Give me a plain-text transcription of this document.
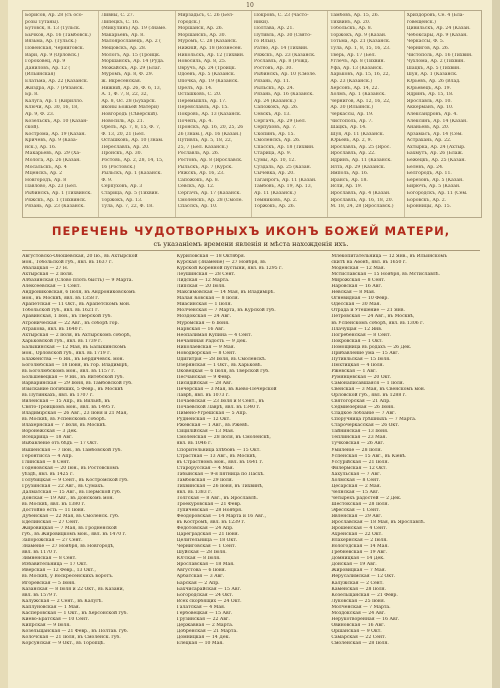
10
Борисов, Ар. 28 (съ осо-
розы Тутаны).
Бутовск, 8. 13 (Тульск.
Бычков, Ар. 16 (Тамбовск.)
Вязьма, Ар. (Тульск.)
Повенская, Черниговск.
Вари, Ар. 9 (Орловск.)
Гороховец, Ар. 9
Даниловъ, Ар. 12 (
(Ильинская)
Елатьма, Ар. 22 (Казанск.
Жиздра, Ар. 7 (Рязанск.
Бр. 8.
Калуга, Ар. 1 (Кирилло.
Ключи, Ар. 30, 16, 18,
Ар. 9, Ф. 23.
Козельскъ, Ар. 10 (Казан-
ской).
Кострома, Ар. 19 (Казан.
Кричевъ, Ар. 9 (Каза-
нск.), Ар. 16.
Макарьевъ, Ар. 29 (Ха-
Молога, Ар. 26 (Казан.
Мосальскъ, Ар. 4
Мценскъ, Ар. 2
Новгородъ, Ар. 8
Павлово, Ар. 23 (Бел.
Рыбинскъ, Ар. 1 (Тихвинск.
Ряжскъ, Ар. 1 (Тихвинск.
Рязань, Ар. 23 (Казанск.
Ливны, С. 27.
Липецкъ, С. 16.
(Микулинъ) Ар. 19 (Знаме.
Макарьевъ, Ар. 8.
Малоярославецъ, Ар. 2 (
Мещовскъ, Ар. 28.
Мологъ, Ар. 15 (Троицк.
Моршанскъ, Ар. 14 (Руда.
Можайскъ, Ар. 29 (Благ.
Муромъ, Ар. 8, Ф. 29.
ж. Вкресенская.
Нижній, Ар. 26, Ф. 6, 13,
А. 1, Ф. 7, 8, 22, 32,
Ар. 8, Ос. 28 (Бухарск.
иконы Божьей Матери)
Новгородъ (Сѣверскій).
Новосиль, Ар. 21.
Орелъ, Ар. 7, 8, 15, Ф. 7,
Ф. 13, 20, 21 (Бел.
Осташковъ, Ар. 10 (Знам.
Переславль, Ар. 20.
Пронскъ, Ар. 30.
Ростовъ, Ар. 2, 28, 14, 15,
16 (Ростовск.)
Рыльскъ, Ар. 1 (Казанск.
Ф. 9.
Серпуховъ, Ар. 3
Старица, Ар. 5 (Тихвин.
Торжокъ, Ар. 13.
Тула, Ар. 7, 22, Ф. 18.
Мирзадьсъ, С. 26 (Бел-
городск.)
Моршанск, Ар. 26.
Моршанскъ, Ар. 30.
Муромъ, С. 28 (Казанск.
Нижній, Ар. 18 (Вознесен.
Никольскъ, Ар. 12 (Тихвин.
Новосиль, Ар. 8, 25.
Овручъ, Ар. 24 (Троицк.
Одоевъ, Ар. 5 (Казанск.
Опочка, Ар. 19 (Казанск.
Орелъ, Ар. 14.
Осташковъ, С. 20.
Перемышль, Ар. 17.
Переяславль, Ар. 15.
Покровъ, Ар. 13 (Казанск.
Почепъ, Ар. 4.
Пронскъ, Ар. 16, 20, 25, 26
26 (Знам.), Ар. 16 (Казан.)
Путивль, Ар. 5, 18, 22,
25, 7 (Бел. Казанск.)
Рославль, Ар. 26.
Ростовъ, Ар. 8 (Ярославск.
Рыльскъ, Ар. 7 (Курск.
Ряжскъ, Ар. 16, 23.
Сапожокъ, Ар. 8.
Севскъ, Ар. 12.
Сергачъ, Ар. 17 (Казанск.
Смоленскъ, Ар. 28 (Смоле.
Спасскъ, Ар. 10.
Покровъ, С. 23 (часто-
ники).
Полтава, Ар. 21.
Путивль, Ар. 30 (Свято-
го Ильи).
Ратно, Ар. 14 (Тихвин.
Ряжскъ, Ар. 23 (Казанск.
Рославль, Ар. 8 (Рожд.
Ростовъ, Ар. 30.
Рыбинскъ, Ар. 10 (Смоле.
Рязань, Ар. 11.
Рыльскъ, Ар. 24.
Рязань, Ар. 16 (Казанск.
Ар. 24 (Казанск.)
Сапожокъ, Ар. 26.
Севскъ, Ар. 13.
Сергачъ, Ар. 29 (Бел.
Серпуховъ, Ар. 7.
Скопинъ, Ар. 15.
Смоленскъ, Ар. 26.
Спасскъ, Ар. 18 (Тихвин.
Старица, Ар. 9.
Сумы, Ар. 10, 12.
Суздаль, Ар. 25 (Казан.
Сычевка, Ар. 20.
Таганрогъ, Ар. 11 (Казан.
Тамбовъ, Ар. 19, Ар. 13,
Ар. 11 (Казанск.)
Темниковъ, Ар. 2.
Торжокъ, Ар. 26.
Тамбовъ, Ар. 15, 26.
Тихвинъ, Ар. 20.
Тобольскъ, Ар. 8.
Торжокъ, Ар. 9 (Казан.
Тотьма, Ар. 21 (Казанск.
Тула, Ар. 1, 8, 15, 16, 23.
Тверь, Ар. 17 (Бел.
Углечъ, Ар. 8 (Тихвин.
Уфа, Ар. 13 (Казанск.
Харьковъ, Ар. 15, 16, 22,
Ар. 23 (Казанск.)
Херсонъ, Ар. 14, 22.
Холмъ, Ар. 1 (Казанск.
Чернигов, Ар. 12, 16, 22,
Ар. 30 (Ильинск.)
Черкассы, Ар. 19.
Чистополь, Ар. 7.
Шацкъ, Ар. 14.
Шуя, Ар. 11 (Казанск.
Юрьевъ, Ар. 2, 9.
Ярославль, Ар. 25 (Ярос.
Ярославль, Ар. 22.
Ядринъ, Ар. 11 (Казанск.
Ялта, Ар. 29 (Казанск.
Ямполь, Ар. 16.
Ярансъ, Ар. 18.
Ясли, Ар. 19.
Ярославль, Ар. 4 (Казан.
Ярославль, Ар. 16, 18, 20.
М. 18, 24, 28 (Ярославск.)
Хриздоровъ, Се. 4 (Бла-
говещенск.)
Цивильскъ, Ар. 24 (Казан.
Чебоксары, Ар. 9 (Казан.
Черкассы, Ф. 5.
Чернигов, Ар. 26.
Чистополь, Ар. 16 (Тихвин.
Чухлома, Ар. 2 (Тихвин.
Шацкъ, Ар. 5 (Тихвин.
Шуя, Ар. 1 (Казанск.
Юрьевъ, Ар. 26 (Влад.
Юрьевецъ, Ар. 19.
Ядринъ, Ар. 15, 18.
Ярославль, Ар. 10.
Аккерманъ, Ар. 10.
Александровъ, Ар. 4.
Алексинъ, Ар. 14 (Казан.
Ананьевъ, Ар. 20.
Арзамасъ, Ар. 14 (Сем.
Астрахань, Ар. 22.
Ахтырка, Ар. 24 (Ахтыр.
Бахмутъ, Ар. 26 (Блаж.
Бежецкъ, Ар. 25 (Казан.
Белевъ, Ар. 24.
Белгородъ, Ар. 11.
Берёзовъ, Ар. 5 (Казан.
Бирючъ, Ар. 5 (Казан.
Богородскъ, Ар. 11 (Сем.
Боровскъ, Ар. 2.
Бронницы, Ар. 15.
ПЕРЕЧЕНЬ ЧУДОТВОРНЫХЪ ИКОНЪ БОЖЕЙ МАТЕРИ,
съ указаніемъ времени явленія и мѣста нахожденія ихъ.
Августовско-Оношевская, 20 Ію., въ Ахтырской
мон., Тобольской губ., явл. въ 1637 г.
Абалацкая — 27 Н.
Ахтырская — 2 Іюля.
Албазинская (Слово плоть бысть) — 9 Марта.
Алексеевская — 1 Сент.
Андрониковская, 6 Іюля, въ Андрониковскомъ
мон., въ Москвѣ, явл. въ 1358 г.
Арапетская — 11 Окт., въ Арапетскомъ мон.
Тобольской губ., явл. въ 1621 г.
Аравинская, 1 Іюн., въ Тверской губ.
Атроническая — 22 Авг., въ соборѣ гор.
Атракова, явл. въ 1640 г.
Ахтырская — 2 Іюля, въ Ахтырскомъ соборѣ,
Харьковской губ., явл. въ 1739 г.
Балыкинская — 12 Мая, въ Балыкинскомъ
мон., Орловской губ., явл. въ 1719 г.
Блаженства — 6 Ян., въ Бердичевск. мон.
Боголюбская — 18 Іюня, въ гор. Владимірѣ,
въ Боголюбскомъ мон., явл. въ 1157 г.
Большевецкая — 9 Ян., въ Витебской губ.
Варваринская — 29 Іюня, въ Тамбовской губ.
Взыскание погибших, 5 Февр., въ Москвѣ
въ Путинкахъ, явл. въ 1707 г.
Виленская — 15 Апр., въ Вильнѣ, въ
Свято-Троицкомъ мон., явл. въ 1495 г.
Владимірская — 26 Авг., 23 Іюня и 21 Мая,
въ Москвѣ, въ Успенскомъ соборѣ.
Влахернская — 7 Іюля, въ Москвѣ.
Воронежская — 3 Дек.
Всецарица — 18 Авг.
Выбавленіе отъ бѣдъ — 17 Окт.
Вышенская — 7 Іюн., въ Тамбовской губ.
Геронтисса — 4 Апр.
Глинская — 8 Сент.
Годеновская — 20 Іюн., въ Ростовскомъ
уѣздѣ, явл. въ 1425 г.
Голубицкая — 9 Сент., въ Костромской губ.
Грузинская — 22 Авг., въ Сумахъ.
Далматская — 15 Авг., въ Пермской губ.
Донская — 19 Авг., въ Донскомъ мон.
въ Москвѣ, явл. въ 1380 г.
Достойно есть — 11 Іюня.
Дубенская — 22 Мая, въ Смоленск. губ.
Еделинская — 27 Сент.
Жировицкая — 7 Мая, въ Гродненской
губ., въ Жировицкомъ мон., явл. въ 1470 г.
Запорожская — 27 Сент.
Знаменіе — 27 Ноября, въ Новгородѣ,
явл. въ 1170 г.
Зимненская — 8 Сент.
Избавительница — 17 Окт.
Иверская — 12 Февр., 13 Окт.,
въ Москвѣ, у Воскресенскихъ воротъ.
Игоревская — 5 Іюня.
Казанская — 8 Іюля и 22 Окт., въ Казани,
явл. въ 1579 г.
Калужская — 2 Сент., въ Калугѣ.
Каплуновская — 1 Мая.
Касперовская — 1 Окт., въ Херсонской губ.
Киево-Братская — 10 Сент.
Кипрская — 9 Іюля.
Козельщанская — 21 Февр., въ Полтав. губ.
Колочская — 21 Іюля, въ Смоленск. губ.
Корсунская — 9 Окт., въ Торопцѣ.
Куриловская — 18 Октября.
Курская (Знаменіе) — 27 Ноября, въ
Курской Коренной пустыни, явл. въ 1295 г.
Леушинская — 28 Сент.
Лидская — 12 Марта.
Липская — 20 Іюля.
Максимовская — 14 Мая, въ Владимірѣ.
Малая Ковская — 8 Іюля.
Миасинская — 1 Іюля.
Молченская — 7 Марта, въ Курской губ.
Моздокская — 24 Авг.
Муромская — 6 Іюня.
Нарвская — 16 Авг.
Неопалимая Купина — 4 Сент.
Нечаянная Радость — 9 Дек.
Николаевская — 9 Мая.
Новодворская — 8 Сент.
Одигитрія — 28 Іюля, въ Смоленскѣ.
Озерянская — 1 Окт., въ Харьковѣ.
Оковецкая — 6 Іюля, въ Тверской губ.
Песчанская — 9 Февр.
Писидійская — 28 Авг.
Печерская — 3 Мая, въ Кіево-Печерской
Лаврѣ, явл. въ 1073 г.
Почаевская — 23 Іюля и 8 Сент., въ
Почаевской Лаврѣ, явл. въ 1340 г.
Пимено-Угрешская — 5 Апр.
Рудненская — 12 Окт.
Ржевская — 1 Авг., въ Ржевѣ.
Сицилійская — 13 Мая.
Смоленская — 28 Іюля, въ Смоленскѣ,
явл. въ 1046 г.
Спорительница хлѣбовъ — 15 Окт.
Страстная — 13 Авг., въ Москвѣ,
въ Страстномъ мон., явл. въ 1641 г.
Старорусская — 4 Мая.
Табынская — 9-я пятница по Пасхѣ.
Тамбовская — 29 Іюля.
Тихвинская — 26 Іюня, въ Тихвинѣ,
явл. въ 1383 г.
Толгская — 8 Авг., въ Ярославлѣ.
Троекуровская — 21 Февр.
Тупичевская — 28 Ноября.
Феодоровская — 14 Марта и 16 Авг.,
въ Костромѣ, явл. въ 1239 г.
Федотовская — 24 Апр.
Цареградская — 21 Іюня.
Целительница — 18 Окт.
Черниговская — 1 Сент.
Шуйская — 28 Іюля.
Югская — 8 Іюля.
Ярославская — 18 Мая.
Августова — 6 Іюня.
Арбатская — 3 Авг.
Барская — 2 Апр.
Бахчисарайская — 15 Авг.
Богородская — 24 Окт.
Всех скорбящих — 24 Окт.
Галатская — 4 Мая.
Гербовецкая — 15 Авг.
Грузинская — 22 Авг.
Державная — 2 Марта.
Добренская — 21 Марта.
Домницкая — 14 Дек.
Елецкая — 10 Мая.
Млекопитательница — 12 Янв., въ Ильинскомъ
скитѣ на Аѳонѣ, явл. въ 1650 г.
Моденская — 12 Мая.
Мстиславская — 15 Ноября, въ Мстиславлѣ.
Мирожская — 8 Сент.
Наровская — 16 Авг.
Невская — 8 Мая.
Огневидная — 10 Февр.
Одесская — 30 Мая.
Отрада и Утешение — 21 Янв.
Петровская — 24 Авг., въ Москвѣ,
въ Успенскомъ соборѣ, явл. въ 1306 г.
Плачущая — 12 Янв.
Погребенская — 8 Сент.
Покровская — 1 Окт.
Помощница въ родахъ — 26 Дек.
Прибавление ума — 15 Авг.
Путивльская — 15 Іюля.
Пюхтицкая — 4 Іюля.
Ржевская — 1 Авг.
Румянцевская — 20 Окт.
Самонаписавшаяся — 1 Іюля.
Свенская — 3 Мая, въ Свенскомъ мон.
Орловской губ., явл. въ 1288 г.
Святогорская — 21 Апр.
Седмиезерная — 26 Іюня.
Сладкое лобзаніе — 7 Авг.
Споручница грѣшныхъ — 7 Марта.
Старочеркасская — 26 Окт.
Тайнинская — 13 Іюня.
Теплинская — 23 Мая.
Тучковская — 26 Авг.
Умиленіе — 28 Іюля.
Успенская — 15 Авг., въ Кіевѣ.
Уссурійская — 21 Іюля.
Филермская — 12 Окт.
Хахульская — 7 Авг.
Холмская — 8 Сент.
Цесарская — 2 Мая.
Челнская — 15 Авг.
Четырехъ радостей — 2 Дек.
Шестокская — 28 Іюля.
Эфесская — 1 Сент.
Явленская — 29 Авг.
Ярославская — 18 Мая, въ Ярославлѣ.
Ярошенская — 4 Сент.
Ахренская — 22 Окт.
Влахернская — 2 Іюля.
Вологодская — 14 Мая.
Гребневская — 19 Авг.
Домницкая — 14 Дек.
Донская — 19 Авг.
Жировицкая — 7 Мая.
Иерусалимская — 12 Окт.
Калужская — 2 Сент.
Каменская — 28 Іюля.
Козельщанская — 21 Февр.
Луковская — 25 Іюня.
Молченская — 7 Марта.
Моздокская — 24 Авг.
Нерукотворенная — 16 Авг.
Овиновская — 16 Авг.
Оршанская — 9 Окт.
Самарская — 22 Сент.
Смоленская — 28 Іюля.
